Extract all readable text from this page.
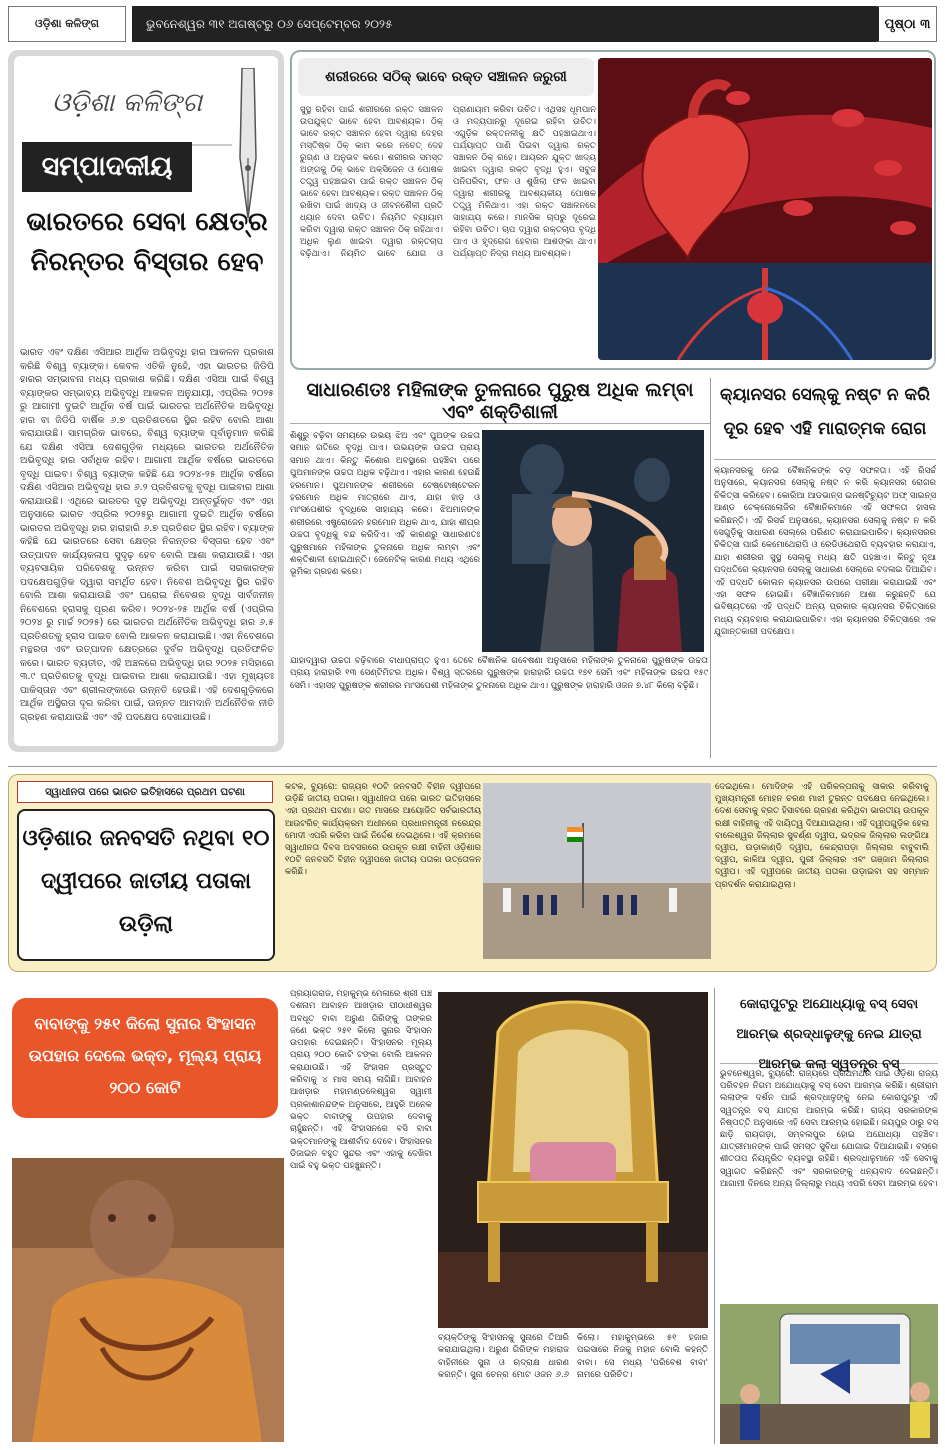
ଓଡ଼ିଶା କଳିଙ୍ଗ	ଭୁବନେଶ୍ୱର ୩୧ ଅଗଷ୍ଟରୁ ୦୬ ସେପ୍ଟେମ୍ବର ୨୦୨୫	ପୃଷ୍ଠା ୩
ଓଡ଼ିଶା କଳିଙ୍ଗ
ସମ୍ପାଦକୀୟ
ଭାରତରେ ସେବା କ୍ଷେତ୍ର ନିରନ୍ତର ବିସ୍ତାର ହେବ
ଭାରତ ଏବଂ ଦକ୍ଷିଣ ଏସିଆର ଆର୍ଥିକ ଅଭିବୃଦ୍ଧି ହାର ଆକଳନ ପ୍ରକାଶ କରିଛି ବିଶ୍ୱ ବ୍ୟାଙ୍କ। କେବଳ ଏତିକି ନୁହେଁ, ଏହା ଭାରତର ଜିଡିପି ହାରର ସମ୍ଭାବନା ମଧ୍ୟ ପ୍ରକାଶ କରିଛି। ଦକ୍ଷିଣ ଏସିଆ ପାଇଁ ବିଶ୍ୱ ବ୍ୟାଙ୍କର ସମ୍ଭାବ୍ୟ ଅଭିବୃଦ୍ଧି ଆକଳନ ଅନୁଯାୟୀ, ଏପ୍ରିଲ ୨୦୨୫ ରୁ ଆଗାମୀ ଦୁଇଟି ଆର୍ଥିକ ବର୍ଷ ପାଇଁ ଭାରତର ଅର୍ଥନୈତିକ ଅଭିବୃଦ୍ଧି ହାର ବା ଜିଡିପି ବାର୍ଷିକ ୬.୭ ପ୍ରତିଶତରେ ସ୍ଥିର ରହିବ ବୋଲି ଆଶା କରାଯାଉଛି। ସାମଗ୍ରିକ ଭାବରେ, ବିଶ୍ୱ ବ୍ୟାଙ୍କ ପୂର୍ବାନୁମାନ କରିଛି ଯେ ଦକ୍ଷିଣ ଏସିଆ ଦେଶଗୁଡ଼ିକ ମଧ୍ୟରେ ଭାରତର ଅର୍ଥନୈତିକ ଅଭିବୃଦ୍ଧି ହାର ସର୍ବାଧିକ ରହିବ। ଆଗାମୀ ଆର୍ଥିକ ବର୍ଷରେ ଭାରତରେ ବୃଦ୍ଧି ପାଇବ। ବିଶ୍ୱ ବ୍ୟାଙ୍କ କହିଛି ଯେ ୨୦୨୪-୨୫ ଆର୍ଥିକ ବର୍ଷରେ ଦକ୍ଷିଣ ଏସିଆର ଅଭିବୃଦ୍ଧି ହାର ୬.୨ ପ୍ରତିଶତକୁ ବୃଦ୍ଧି ପାଇବାର ଆଶା କରାଯାଉଛି। ଏଥିରେ ଭାରତର ଦୃଢ଼ ଅଭିବୃଦ୍ଧି ଅନ୍ତର୍ଭୁକ୍ତ ଏବଂ ଏହା ଅନୁସାରେ ଭାରତ ଏପ୍ରିଲ ୨୦୨୫ରୁ ଆଗାମୀ ଦୁଇଟି ଆର୍ଥିକ ବର୍ଷରେ ଭାରତର ଅଭିବୃଦ୍ଧି ହାର ହାରାହାରି ୬.୭ ପ୍ରତିଶତ ସ୍ଥିର ରହିବ। ବ୍ୟାଙ୍କ କହିଛି ଯେ ଭାରତରେ ସେବା କ୍ଷେତ୍ର ନିରନ୍ତର ବିସ୍ତାର ହେବ ଏବଂ ଉତ୍ପାଦନ କାର୍ଯ୍ୟକଳାପ ସୁଦୃଢ଼ ହେବ ବୋଲି ଆଶା କରାଯାଉଛି। ଏହା ବ୍ୟବସାୟିକ ପରିବେଶକୁ ଉନ୍ନତ କରିବା ପାଇଁ ସରକାରଙ୍କ ପଦକ୍ଷେପଗୁଡ଼ିକ ଦ୍ୱାରା ସମର୍ଥିତ ହେବ। ନିବେଶ ଅଭିବୃଦ୍ଧି ସ୍ଥିର ରହିବ ବୋଲି ଆଶା କରାଯାଉଛି ଏବଂ ଘରୋଇ ନିବେଶର ବୃଦ୍ଧି ସାର୍ବଜନୀନ ନିବେଶରେ ହ୍ରାସକୁ ପୂରଣ କରିବ। ୨୦୨୪-୨୫ ଆର୍ଥିକ ବର୍ଷ (ଏପ୍ରିଲ ୨୦୨୪ ରୁ ମାର୍ଚ୍ଚ ୨୦୨୫) ରେ ଭାରତର ଅର୍ଥନୈତିକ ଅଭିବୃଦ୍ଧି ହାର ୬.୫ ପ୍ରତିଶତକୁ ହ୍ରାସ ପାଇବ ବୋଲି ଆକଳନ କରାଯାଇଛି। ଏହା ନିବେଶରେ ମନ୍ଥରତା ଏବଂ ଉତ୍ପାଦନ କ୍ଷେତ୍ରରେ ଦୁର୍ବଳ ଅଭିବୃଦ୍ଧି ପ୍ରତିଫଳିତ କରେ। ଭାରତ ବ୍ୟତୀତ, ଏହି ଅଞ୍ଚଳରେ ଅଭିବୃଦ୍ଧି ହାର ୨୦୨୫ ମସିହାରେ ୩.୯ ପ୍ରତିଶତକୁ ବୃଦ୍ଧି ପାଇବାର ଆଶା କରାଯାଉଛି। ଏହା ମୁଖ୍ୟତଃ ପାକିସ୍ତାନ ଏବଂ ଶ୍ରୀଲଙ୍କାରେ ଉନ୍ନତି ହେଉଛି। ଏହି ଦେଶଗୁଡ଼ିକରେ ଆର୍ଥିକ ଅସ୍ଥିରତା ଦୂର କରିବା ପାଇଁ, ଉନ୍ନତ ଆମଦାନି ଅର୍ଥନୈତିକ ନୀତି ଗ୍ରହଣ କରାଯାଉଛି ଏବଂ ଏହି ପଦକ୍ଷେପ ଦେଖାଯାଉଛି।
ଶରୀରରେ ସଠିକ୍ ଭାବେ ରକ୍ତ ସଞ୍ଚାଳନ ଜରୁରୀ
ସୁସ୍ଥ ରହିବା ପାଇଁ ଶରୀରରେ ରକ୍ତ ସଞ୍ଚାଳନ ଉପଯୁକ୍ତ ଭାବେ ହେବା ଆବଶ୍ୟକ। ଠିକ୍ ଭାବେ ରକ୍ତ ସଞ୍ଚାଳନ ହେବା ଦ୍ୱାରା ଦେହର ମସ୍ତିଷ୍କ ଠିକ୍ କାମ କରେ ନଚେତ୍ ଦେହ ରୁଗ୍ଣ ଓ ଅନୁଭବ କରେ। ଶରୀରର ସମସ୍ତ ଅଙ୍ଗକୁ ଠିକ୍ ଭାବେ ଅକ୍ସିଜେନ ଓ ପୋଷକ ତତ୍ତ୍ୱ ପହଞ୍ଚାଇବା ପାଇଁ ରକ୍ତ ସଞ୍ଚାଳନ ଠିକ୍ ଭାବେ ହେବା ଆବଶ୍ୟକ। ରକ୍ତ ସଞ୍ଚାଳନ ଠିକ୍ ରଖିବା ପାଇଁ ଖାଦ୍ୟ ଓ ଜୀବନଶୈଳୀ ପ୍ରତି ଧ୍ୟାନ ଦେବା ଉଚିତ। ନିୟମିତ ବ୍ୟାୟାମ କରିବା ଦ୍ୱାରା ରକ୍ତ ସଞ୍ଚାଳନ ଠିକ୍ ରହିଥାଏ। ଅଧିକ ଲୁଣ ଖାଇବା ଦ୍ୱାରା ରକ୍ତଚାପ ବଢ଼ିଥାଏ। ନିୟମିତ ଭାବେ ଯୋଗ ଓ ପ୍ରାଣାୟାମ କରିବା ଉଚିତ। ଏଥିସହ ଧୂମପାନ ଓ ମଦ୍ୟପାନରୁ ଦୂରେଇ ରହିବା ଉଚିତ। ଏଗୁଡ଼ିକ ରକ୍ତନଳୀକୁ କ୍ଷତି ପହଞ୍ଚାଇଥାଏ। ପର୍ଯ୍ୟାପ୍ତ ପାଣି ପିଇବା ଦ୍ୱାରା ରକ୍ତ ସଞ୍ଚାଳନ ଠିକ୍ ରହେ। ଆୟରନ ଯୁକ୍ତ ଖାଦ୍ୟ ଖାଇବା ଦ୍ୱାରା ରକ୍ତ ବୃଦ୍ଧି ହୁଏ। ସବୁଜ ପନିପରିବା, ଫଳ ଓ ଶୁଖିଲା ଫଳ ଖାଇବା ଦ୍ୱାରା ଶରୀରକୁ ଆବଶ୍ୟକୀୟ ପୋଷକ ତତ୍ତ୍ୱ ମିଳିଥାଏ। ଏହା ରକ୍ତ ସଞ୍ଚାଳନରେ ସାହାଯ୍ୟ କରେ। ମାନସିକ ଚାପରୁ ଦୂରେଇ ରହିବା ଉଚିତ। ଚାପ ଦ୍ୱାରା ରକ୍ତଚାପ ବୃଦ୍ଧି ପାଏ ଓ ହୃଦ୍‌ରୋଗ ହେବାର ଆଶଙ୍କା ଥାଏ। ପର୍ଯ୍ୟାପ୍ତ ନିଦ୍ରା ମଧ୍ୟ ଆବଶ୍ୟକ।
ସାଧାରଣତଃ ମହିଳାଙ୍କ ତୁଳନାରେ ପୁରୁଷ ଅଧିକ ଲମ୍ବା ଏବଂ ଶକ୍ତିଶାଳୀ
ଶିଶୁରୁ ବଢ଼ିବା ସମୟରେ ଉଭୟ ଝିଅ ଏବଂ ପୁଅଙ୍କ ଉଚ୍ଚତା ସମାନ ଗତିରେ ବୃଦ୍ଧି ପାଏ। ଉଭୟଙ୍କ ଉଚ୍ଚତା ପ୍ରାୟ ସମାନ ଥାଏ। କିନ୍ତୁ କିଶୋର ଅବସ୍ଥାରେ ପହଞ୍ଚିବା ପରେ ପୁଅମାନଙ୍କ ଉଚ୍ଚତା ଅଧିକ ବଢ଼ିଥାଏ। ଏହାର କାରଣ ହେଉଛି ହରମୋନ। ପୁଅମାନଙ୍କ ଶରୀରରେ ଟେଷ୍ଟୋଷ୍ଟେରନ ହରମୋନ ଅଧିକ ମାତ୍ରାରେ ଥାଏ, ଯାହା ହାଡ଼ ଓ ମାଂସପେଶୀର ବୃଦ୍ଧିରେ ସାହାଯ୍ୟ କରେ। ଝିଅମାନଙ୍କ ଶରୀରରେ ଏଷ୍ଟ୍ରୋଜେନ ହରମୋନ ଅଧିକ ଥାଏ, ଯାହା ଶୀଘ୍ର ଉଚ୍ଚତା ବୃଦ୍ଧିକୁ ବନ୍ଦ କରିଦିଏ। ଏହି କାରଣରୁ ସାଧାରଣତଃ ପୁରୁଷମାନେ ମହିଳାଙ୍କ ତୁଳନାରେ ଅଧିକ ଲମ୍ବା ଏବଂ ଶକ୍ତିଶାଳୀ ହୋଇଥାନ୍ତି। ଜେନେଟିକ୍ କାରଣ ମଧ୍ୟ ଏଥିରେ ଭୂମିକା ଗ୍ରହଣ କରେ।
ଯାହାଦ୍ୱାରା ଉଚ୍ଚତା ବଢ଼ିବାରେ ବାଧାପ୍ରାପ୍ତ ହୁଏ। ତେବେ ବୈଜ୍ଞାନିକ ଗବେଷଣା ଅନୁସାରେ ମହିଳାଙ୍କ ତୁଳନାରେ ପୁରୁଷଙ୍କ ଉଚ୍ଚତା ପ୍ରାୟ ହାରାହାରି ୧୩ ସେଣ୍ଟିମିଟର ଅଧିକ। ବିଶ୍ୱ ସ୍ତରରେ ପୁରୁଷଙ୍କ ହାରାହାରି ଉଚ୍ଚତା ୧୭୧ ସେମି ଏବଂ ମହିଳାଙ୍କ ଉଚ୍ଚତା ୧୫୯ ସେମି। ଏହାସହ ପୁରୁଷଙ୍କ ଶରୀରର ମାଂସପେଶୀ ମହିଳାଙ୍କ ତୁଳନାରେ ଅଧିକ ଥାଏ। ପୁରୁଷଙ୍କ ହାରାହାରି ଓଜନ ୭.୪୮ କିଲୋ ବଢ଼ିଛି।
କ୍ୟାନସର ସେଲ୍‌କୁ ନଷ୍ଟ ନ କରି ଦୂର ହେବ ଏହି ମାରାତ୍ମକ ରୋଗ
କ୍ୟାନସରକୁ ନେଇ ବୈଜ୍ଞାନିକଙ୍କ ବଡ଼ ସଫଳତା। ଏହି ରିସର୍ଚ୍ଚ ଅନୁସାରେ, କ୍ୟାନସର ସେଲ୍‌କୁ ନଷ୍ଟ ନ କରି କ୍ୟାନସର ରୋଗର ଚିକିତ୍ସା କରିହେବ। କୋରିଆ ଆଡଭାନ୍ସ ଇନଷ୍ଟିଚ୍ୟୁଟ ଅଫ୍ ସାଇନ୍ସ ଆଣ୍ଡ ଟେକ୍ନୋଲୋଜିର ବୈଜ୍ଞାନିକମାନେ ଏହି ସଫଳତା ହାସଲ କରିଛନ୍ତି। ଏହି ରିସର୍ଚ୍ଚ ଅନୁସାରେ, କ୍ୟାନସର ସେଲ୍‌କୁ ନଷ୍ଟ ନ କରି ସେଗୁଡ଼ିକୁ ସାଧାରଣ ସେଲ୍‌ରେ ପରିଣତ କରାଯାଇପାରିବ। କ୍ୟାନସରର ଚିକିତ୍ସା ପାଇଁ କେମୋଥେରାପି ଓ ରେଡିଓଥେରାପି ବ୍ୟବହାର କରାଯାଏ, ଯାହା ଶରୀରର ସୁସ୍ଥ ସେଲ୍‌କୁ ମଧ୍ୟ କ୍ଷତି ପହଞ୍ଚାଏ। କିନ୍ତୁ ନୂଆ ପଦ୍ଧତିରେ କ୍ୟାନସର ସେଲ୍‌କୁ ସାଧାରଣ ସେଲ୍‌ରେ ବଦଳାଇ ଦିଆଯିବ। ଏହି ପଦ୍ଧତି କୋଲନ କ୍ୟାନସର ଉପରେ ପରୀକ୍ଷା କରାଯାଇଛି ଏବଂ ଏହା ସଫଳ ହୋଇଛି। ବୈଜ୍ଞାନିକମାନେ ଆଶା କରୁଛନ୍ତି ଯେ ଭବିଷ୍ୟତରେ ଏହି ପଦ୍ଧତି ଅନ୍ୟ ପ୍ରକାର କ୍ୟାନସର ଚିକିତ୍ସାରେ ମଧ୍ୟ ବ୍ୟବହାର କରାଯାଇପାରିବ। ଏହା କ୍ୟାନସର ଚିକିତ୍ସାରେ ଏକ ଯୁଗାନ୍ତକାରୀ ପଦକ୍ଷେପ।
ସ୍ୱାଧୀନତା ପରେ ଭାରତ ଇତିହାସରେ ପ୍ରଥମ ଘଟଣା
ଓଡ଼ିଶାର ଜନବସତି ନଥିବା ୧୦ ଦ୍ୱୀପରେ ଜାତୀୟ ପତାକା ଉଡ଼ିଲା
କଟକ, ବ୍ୟୁରୋ: ରାଜ୍ୟର ୧୦ଟି ଜନବସତି ବିହୀନ ଦ୍ୱୀପରେ ଉଡ଼ିଛି ଜାତୀୟ ପତାକା। ସ୍ୱାଧୀନତା ପରେ ଭାରତ ଇତିହାସରେ ଏହା ପ୍ରଥମ ଘଟଣା। ଗତ ମାସରେ ଆୟୋଜିତ ସର୍ବଭାରତୀୟ ଆଉଟରିଚ୍ କାର୍ଯ୍ୟକ୍ରମ ଅଧୀନରେ ପ୍ରଧାନମନ୍ତ୍ରୀ ନରେନ୍ଦ୍ର ମୋଦୀ ଏପରି କରିବା ପାଇଁ ନିର୍ଦ୍ଦେଶ ଦେଇଥିଲେ। ଏହି କ୍ରମରେ ସ୍ୱାଧୀନତା ଦିବସ ଅବସରରେ ଉପକୂଳ ରକ୍ଷୀ ବାହିନୀ ଓଡ଼ିଶାର ୧୦ଟି ଜନବସତି ବିହୀନ ଦ୍ୱୀପରେ ଜାତୀୟ ପତାକା ଉତ୍ତୋଳନ କରିଛି।
ଦେଇଥିଲେ। ମୋଦିଙ୍କ ଏହି ପରିକଳ୍ପନାକୁ ସାକାର କରିବାକୁ ମୁଖ୍ୟମନ୍ତ୍ରୀ ମୋହନ ଚରଣ ମାଝୀ ତୁରନ୍ତ ପଦକ୍ଷେପ ନେଇଥିଲେ। ଦେଶ ସେବାକୁ ବ୍ରତ ହିସାବରେ ଗ୍ରହଣ କରିଥିବା ଭାରତୀୟ ଉପକୂଳ ରକ୍ଷୀ ବାହିନୀକୁ ଏହି ଦାୟିତ୍ୱ ଦିଆଯାଇଥିଲା। ଏହି ଦ୍ୱୀପଗୁଡ଼ିକ ହେଲା ବାଲେଶ୍ୱର ଜିଲ୍ଲାର ସୁବର୍ଣ୍ଣ ଦ୍ୱୀପ, ଭଦ୍ରକ ଜିଲ୍ଲାର ଲଙ୍ଗିଆ ଦ୍ୱୀପ, ଉଡ଼ାକାଣ୍ଡି ଦ୍ୱୀପ, କେନ୍ଦ୍ରାପଡ଼ା ଜିଲ୍ଲାର ବାବୁବାଲି ଦ୍ୱୀପ, କାଳିଆ ଦ୍ୱୀପ, ପୁରୀ ଜିଲ୍ଲାର ଏବଂ ଗଞ୍ଜାମ ଜିଲ୍ଲାର ଦ୍ୱୀପ। ଏହି ଦ୍ୱୀପରେ ଜାତୀୟ ପତାକା ଉଡ଼ାଇବା ସହ ସମ୍ମାନ ପ୍ରଦର୍ଶନ କରାଯାଇଥିଲା।
ବାବାଙ୍କୁ ୨୫୧ କିଲୋ ସୁନାର ସିଂହାସନ ଉପହାର ଦେଲେ ଭକ୍ତ, ମୂଲ୍ୟ ପ୍ରାୟ ୨୦୦ କୋଟି
ପ୍ରୟାଗରାଜ, ମହାକୁମ୍ଭ ମେଳାରେ ଶ୍ରୀ ପଞ୍ଚ ଦଶନାମ ଆବାହନ ଆଖଡ଼ାର ପୀଠାଧୀଶ୍ୱର ଅବଧୂତ ବାବା ଅରୁଣ ଗିରିଙ୍କୁ ତାଙ୍କର ଜଣେ ଭକ୍ତ ୨୫୧ କିଲୋ ସୁନାର ସିଂହାସନ ଉପହାର ଦେଇଛନ୍ତି। ସିଂହାସନର ମୂଲ୍ୟ ପ୍ରାୟ ୨୦୦ କୋଟି ଟଙ୍କା ବୋଲି ଆକଳନ କରାଯାଉଛି। ଏହି ସିଂହାସନ ପ୍ରସ୍ତୁତ କରିବାକୁ ୪ ମାସ ସମୟ ଲାଗିଛି। ଆବାହନ ଆଖଡ଼ାର ମହାମଣ୍ଡଳେଶ୍ୱର ସ୍ୱାମୀ ପ୍ରକାଶାନନ୍ଦଙ୍କ ଅନୁସାରେ, ଆହୁରି ଅନେକ ଭକ୍ତ ବାବାଙ୍କୁ ଉପହାର ଦେବାକୁ ଚାହୁଁଛନ୍ତି। ଏହି ସିଂହାସନରେ ବସି ବାବା ଭକ୍ତମାନଙ୍କୁ ଆଶୀର୍ବାଦ ଦେବେ। ସିଂହାସନର ଡିଜାଇନ ବହୁତ ସୁନ୍ଦର ଏବଂ ଏହାକୁ ଦେଖିବା ପାଇଁ ବହୁ ଭକ୍ତ ପହଞ୍ଚୁଛନ୍ତି।
ବ୍ୟକ୍ତିଙ୍କୁ ସିଂହାସନକୁ ସୁନାରେ ତିଆରି କରାଯାଇଥିଲା। ଅରୁଣ ଗିରିଙ୍କ ମହାରାଜ ବାହିନୀରେ ସୁନା ଓ ଋଦ୍ରାକ୍ଷ ଧାରଣ କରନ୍ତି। ସୁନା ଚେନ୍‌ର ମୋଟ ଓଜନ ୬.୬ କିଲୋ। ମହାକୁମ୍ଭରେ ୫୧ ହଜାର ପଇସାରେ ନିଜକୁ ମହାନ ବୋଲି କହନ୍ତି ବାବା। ସେ ମଧ୍ୟ 'ପରିବେଶ ବାବା' ନାମରେ ପରିଚିତ।
କୋରାପୁଟରୁ ଅଯୋଧ୍ୟାକୁ ବସ୍ ସେବା ଆରମ୍ଭ ଶ୍ରଦ୍ଧାଳୁଙ୍କୁ ନେଇ ଯାତ୍ରା ଆରମ୍ଭ କଲା ସ୍ୱତନ୍ତ୍ର ବସ୍
ଭୁବନେଶ୍ୱର, ବ୍ୟୁରୋ: ରାଜ୍ୟରେ ପ୍ରଥମଥର ପାଇଁ ଓଡ଼ିଶା ରାଜ୍ୟ ପରିବହନ ନିଗମ ଅଯୋଧ୍ୟାକୁ ବସ୍ ସେବା ଆରମ୍ଭ କରିଛି। ଶ୍ରୀରାମ ଲଲାଙ୍କ ଦର୍ଶନ ପାଇଁ ଶ୍ରଦ୍ଧାଳୁଙ୍କୁ ନେଇ କୋରାପୁଟରୁ ଏହି ସ୍ୱତନ୍ତ୍ର ବସ୍ ଯାତ୍ରା ଆରମ୍ଭ କରିଛି। ରାଜ୍ୟ ସରକାରଙ୍କ ନିଷ୍ପତ୍ତି ଅନୁସାରେ ଏହି ସେବା ଆରମ୍ଭ ହୋଇଛି। ଜୟପୁର ଠାରୁ ବସ୍ ଛାଡ଼ି ରାୟଗଡ଼ା, ସମ୍ବଲପୁର ହୋଇ ଅଯୋଧ୍ୟା ପହଞ୍ଚିବ। ଯାତ୍ରୀମାନଙ୍କ ପାଇଁ ସମସ୍ତ ସୁବିଧା ଯୋଗାଇ ଦିଆଯାଇଛି। ବସ୍‌ରେ ଶୀତତାପ ନିୟନ୍ତ୍ରିତ ବ୍ୟବସ୍ଥା ରହିଛି। ଶ୍ରଦ୍ଧାଳୁମାନେ ଏହି ସେବାକୁ ସ୍ୱାଗତ କରିଛନ୍ତି ଏବଂ ସରକାରଙ୍କୁ ଧନ୍ୟବାଦ ଦେଇଛନ୍ତି। ଆଗାମୀ ଦିନରେ ଅନ୍ୟ ଜିଲ୍ଲାରୁ ମଧ୍ୟ ଏପରି ସେବା ଆରମ୍ଭ ହେବ।
